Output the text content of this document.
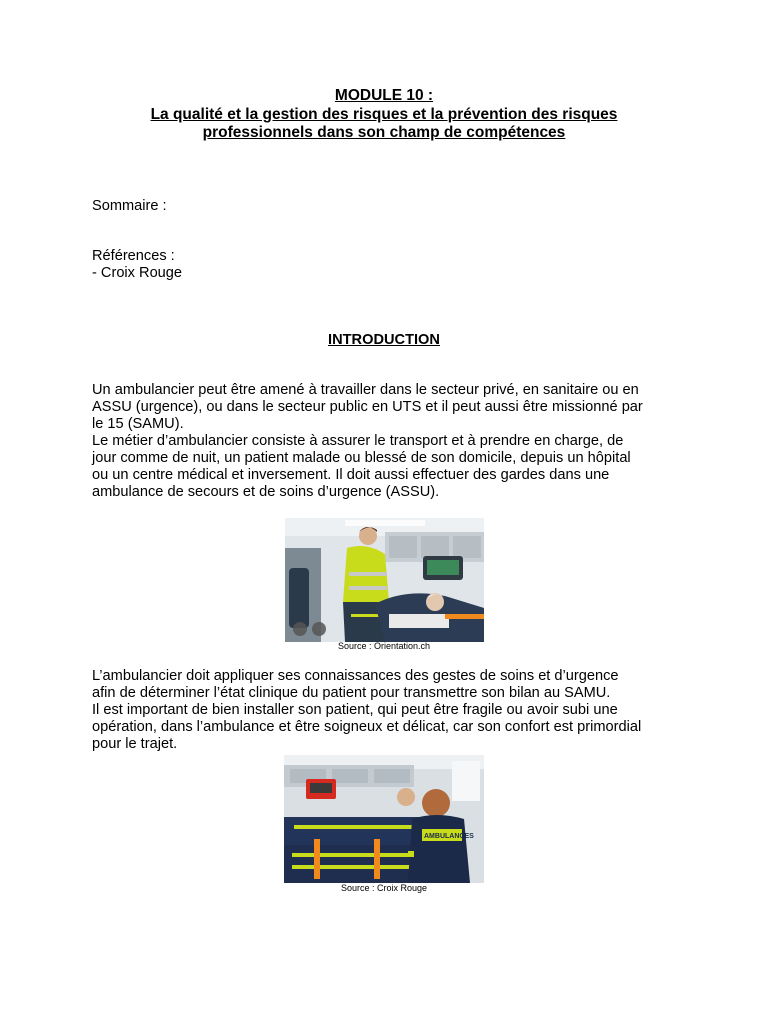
MODULE 10 :
La qualité et la gestion des risques et la prévention des risques
professionnels dans son champ de compétences
Sommaire :
Références :
- Croix Rouge
INTRODUCTION
Un ambulancier peut être amené à travailler dans le secteur privé, en sanitaire ou en
ASSU (urgence), ou dans le secteur public en UTS et il peut aussi être missionné par
le 15 (SAMU).
Le métier d’ambulancier consiste à assurer le transport et à prendre en charge, de
jour comme de nuit, un patient malade ou blessé de son domicile, depuis un hôpital
ou un centre médical et inversement. Il doit aussi effectuer des gardes dans une
ambulance de secours et de soins d’urgence (ASSU).
Source : Orientation.ch
L’ambulancier doit appliquer ses connaissances des gestes de soins et d’urgence
afin de déterminer l’état clinique du patient pour transmettre son bilan au SAMU.
Il est important de bien installer son patient, qui peut être fragile ou avoir subi une
opération, dans l’ambulance et être soigneux et délicat, car son confort est primordial
pour le trajet.
AMBULANCES
Source : Croix Rouge
